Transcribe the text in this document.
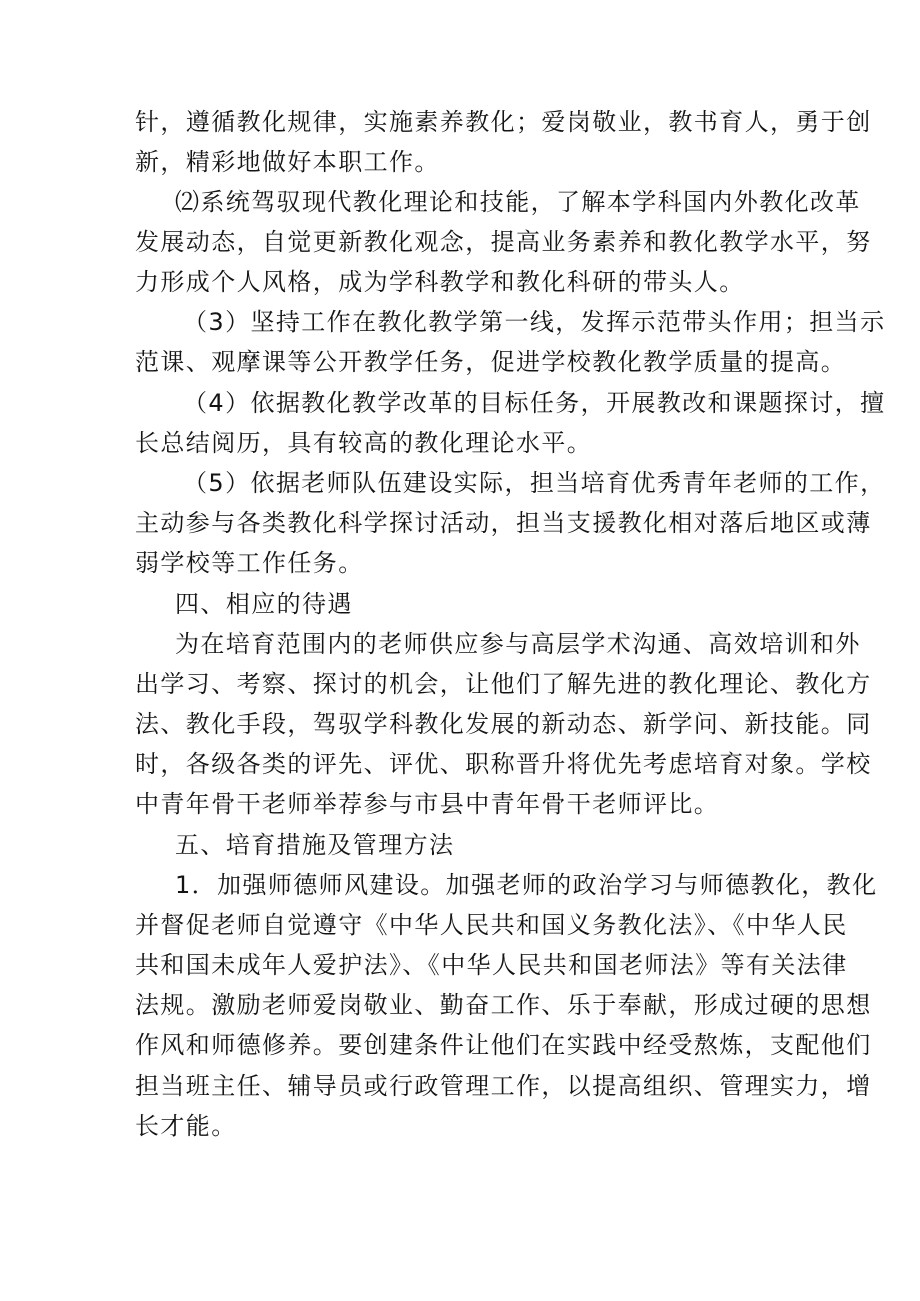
针，遵循教化规律，实施素养教化；爱岗敬业，教书育人，勇于创
新，精彩地做好本职工作。
⑵系统驾驭现代教化理论和技能，了解本学科国内外教化改革
发展动态，自觉更新教化观念，提高业务素养和教化教学水平，努
力形成个人风格，成为学科教学和教化科研的带头人。
（3）坚持工作在教化教学第一线，发挥示范带头作用；担当示
范课、观摩课等公开教学任务，促进学校教化教学质量的提高。
（4）依据教化教学改革的目标任务，开展教改和课题探讨，擅
长总结阅历，具有较高的教化理论水平。
（5）依据老师队伍建设实际，担当培育优秀青年老师的工作，
主动参与各类教化科学探讨活动，担当支援教化相对落后地区或薄
弱学校等工作任务。
四、相应的待遇
为在培育范围内的老师供应参与高层学术沟通、高效培训和外
出学习、考察、探讨的机会，让他们了解先进的教化理论、教化方
法、教化手段，驾驭学科教化发展的新动态、新学问、新技能。同
时，各级各类的评先、评优、职称晋升将优先考虑培育对象。学校
中青年骨干老师举荐参与市县中青年骨干老师评比。
五、培育措施及管理方法
1．加强师德师风建设。加强老师的政治学习与师德教化，教化
并督促老师自觉遵守《中华人民共和国义务教化法》、《中华人民
共和国未成年人爱护法》、《中华人民共和国老师法》等有关法律
法规。激励老师爱岗敬业、勤奋工作、乐于奉献，形成过硬的思想
作风和师德修养。要创建条件让他们在实践中经受熬炼，支配他们
担当班主任、辅导员或行政管理工作，以提高组织、管理实力，增
长才能。
